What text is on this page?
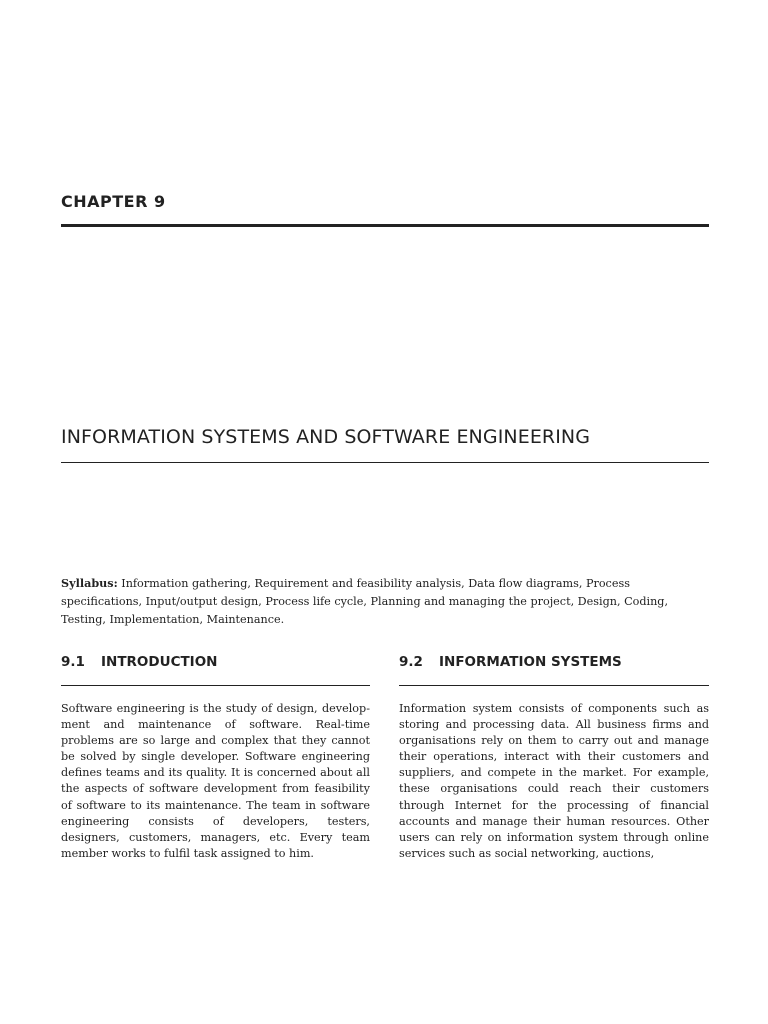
CHAPTER 9
INFORMATION SYSTEMS AND SOFTWARE ENGINEERING
Syllabus: Information gathering, Requirement and feasibility analysis, Data flow diagrams, Process specifications, Input/output design, Process life cycle, Planning and managing the project, Design, Coding, Testing, Implementation, Maintenance.
9.1 INTRODUCTION
Software engineering is the study of design, development and maintenance of software. Real-time problems are so large and complex that they cannot be solved by single developer. Software engineering defines teams and its quality. It is concerned about all the aspects of software development from feasibility of software to its maintenance. The team in software engineering consists of developers, testers, designers, customers, managers, etc. Every team member works to fulfil task assigned to him.
9.2 INFORMATION SYSTEMS
Information system consists of components such as storing and processing data. All business firms and organisations rely on them to carry out and manage their operations, interact with their customers and suppliers, and compete in the market. For example, these organisations could reach their customers through Internet for the processing of financial accounts and manage their human resources. Other users can rely on information system through online services such as social networking, auctions,
